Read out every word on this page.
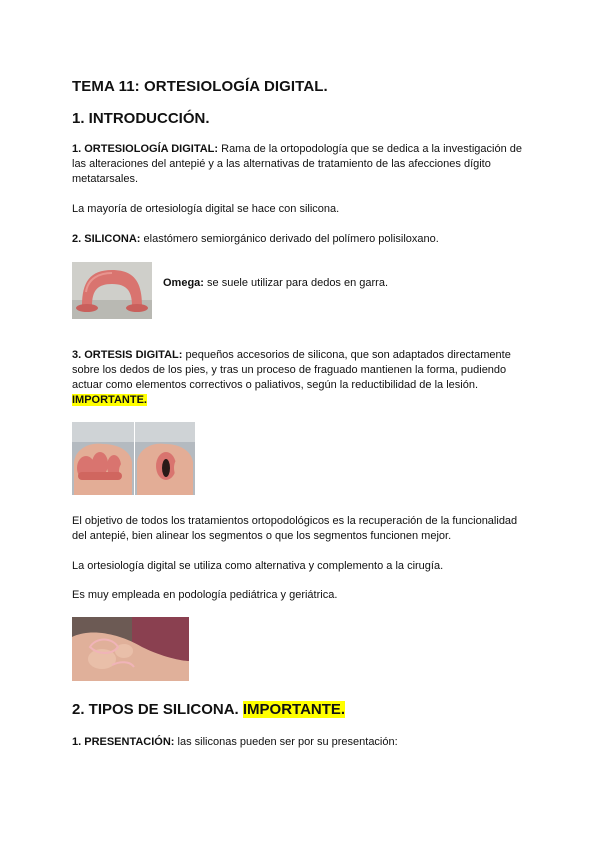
TEMA 11: ORTESIOLOGÍA DIGITAL.
1. INTRODUCCIÓN.
1. ORTESIOLOGÍA DIGITAL: Rama de la ortopodología que se dedica a la investigación de las alteraciones del antepié y a las alternativas de tratamiento de las afecciones dígito metatarsales.
La mayoría de ortesiología digital se hace con silicona.
2. SILICONA: elastómero semiorgánico derivado del polímero polisiloxano.
Omega: se suele utilizar para dedos en garra.
3. ORTESIS DIGITAL: pequeños accesorios de silicona, que son adaptados directamente sobre los dedos de los pies, y tras un proceso de fraguado mantienen la forma, pudiendo actuar como elementos correctivos o paliativos, según la reductibilidad de la lesión.
IMPORTANTE.
El objetivo de todos los tratamientos ortopodológicos es la recuperación de la funcionalidad del antepié, bien alinear los segmentos o que los segmentos funcionen mejor.
La ortesiología digital se utiliza como alternativa y complemento a la cirugía.
Es muy empleada en podología pediátrica y geriátrica.
2. TIPOS DE SILICONA. IMPORTANTE.
1. PRESENTACIÓN: las siliconas pueden ser por su presentación:
